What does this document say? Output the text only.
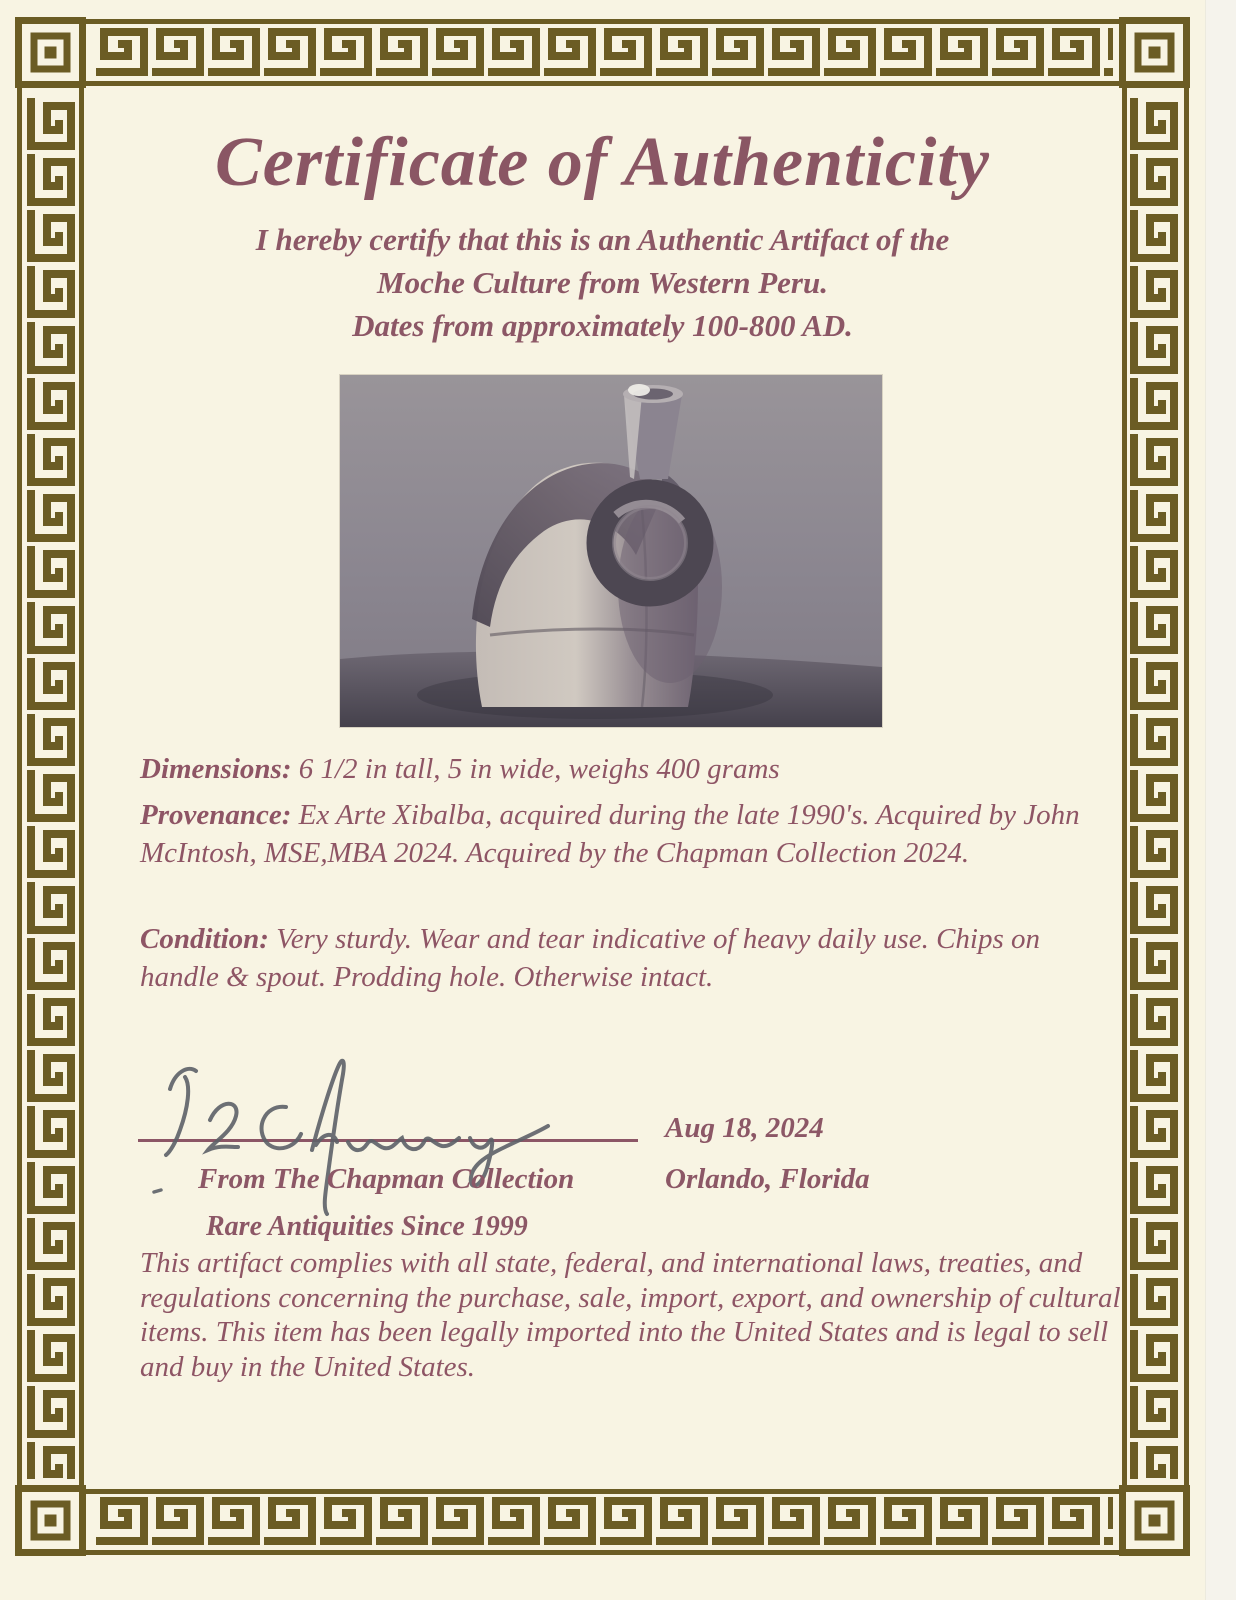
Certificate of Authenticity
I hereby certify that this is an Authentic Artifact of the
Moche Culture from Western Peru.
Dates from approximately 100-800 AD.

Dimensions: 6 1/2 in tall, 5 in wide, weighs 400 grams

Provenance: Ex Arte Xibalba, acquired during the late 1990's. Acquired by John McIntosh, MSE,MBA 2024. Acquired by the Chapman Collection 2024.

Condition: Very sturdy. Wear and tear indicative of heavy daily use. Chips on handle & spout. Prodding hole. Otherwise intact.

Aug 18, 2024

From The Chapman Collection	Orlando, Florida

Rare Antiquities Since 1999

This artifact complies with all state, federal, and international laws, treaties, and regulations concerning the purchase, sale, import, export, and ownership of cultural items. This item has been legally imported into the United States and is legal to sell and buy in the United States.
